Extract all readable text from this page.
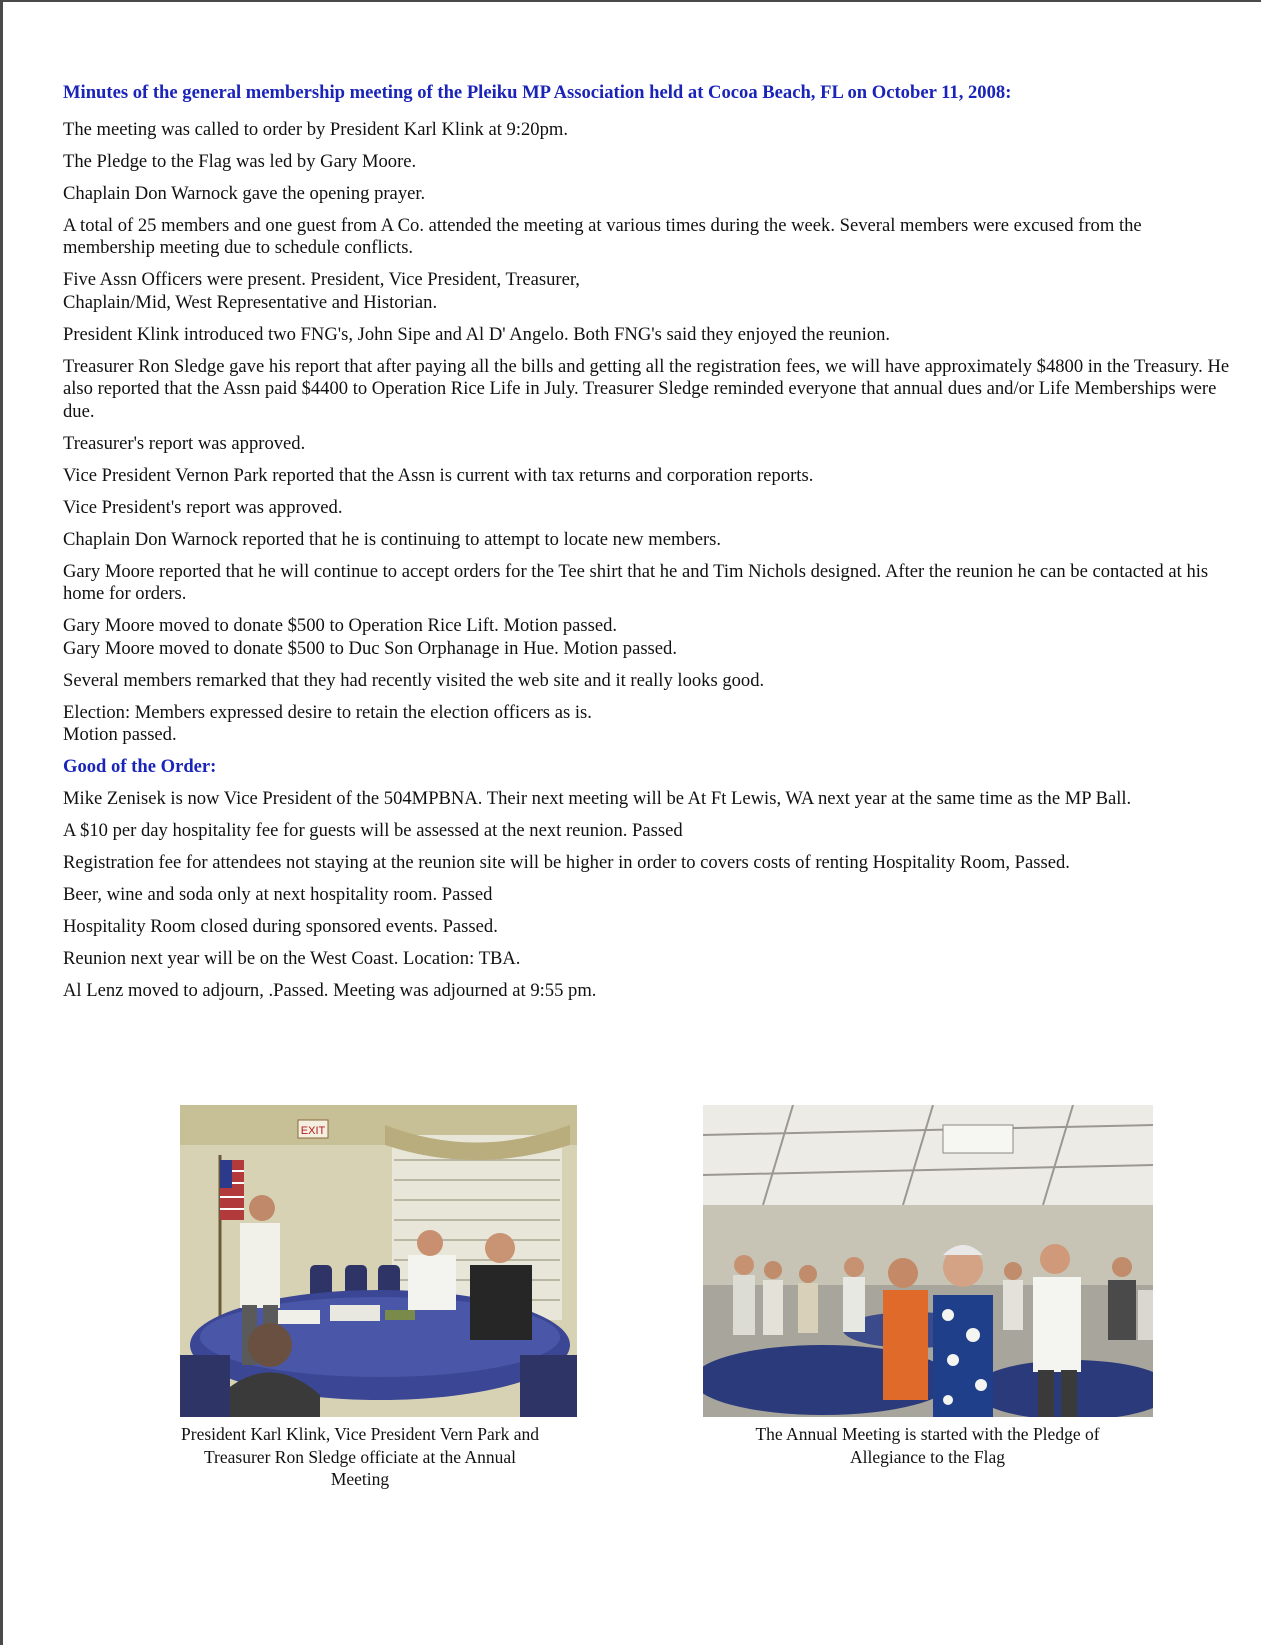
Minutes of the general membership meeting of the Pleiku MP Association held at Cocoa Beach, FL on October 11, 2008:

The meeting was called to order by President Karl Klink at 9:20pm.

The Pledge to the Flag was led by Gary Moore.

Chaplain Don Warnock gave the opening prayer.

A total of 25 members and one guest from A Co. attended the meeting at various times during the week. Several members were excused from the membership meeting due to schedule conflicts.

Five Assn Officers were present. President, Vice President, Treasurer,
Chaplain/Mid, West Representative and Historian.

President Klink introduced two FNG's, John Sipe and Al D' Angelo. Both FNG's said they enjoyed the reunion.

Treasurer Ron Sledge gave his report that after paying all the bills and getting all the registration fees, we will have approximately $4800 in the Treasury. He also reported that the Assn paid $4400 to Operation Rice Life in July. Treasurer Sledge reminded everyone that annual dues and/or Life Memberships were due.

Treasurer's report was approved.

Vice President Vernon Park reported that the Assn is current with tax returns and corporation reports.

Vice President's report was approved.

Chaplain Don Warnock reported that he is continuing to attempt to locate new members.

Gary Moore reported that he will continue to accept orders for the Tee shirt that he and Tim Nichols designed. After the reunion he can be contacted at his home for orders.

Gary Moore moved to donate $500 to Operation Rice Lift. Motion passed.
Gary Moore moved to donate $500 to Duc Son Orphanage in Hue. Motion passed.

Several members remarked that they had recently visited the web site and it really looks good.

Election: Members expressed desire to retain the election officers as is.
Motion passed.

Good of the Order:

Mike Zenisek is now Vice President of the 504MPBNA. Their next meeting will be At Ft Lewis, WA next year at the same time as the MP Ball.

A $10 per day hospitality fee for guests will be assessed at the next reunion. Passed

Registration fee for attendees not staying at the reunion site will be higher in order to covers costs of renting Hospitality Room, Passed.

Beer, wine and soda only at next hospitality room. Passed

Hospitality Room closed during sponsored events. Passed.

Reunion next year will be on the West Coast. Location: TBA.

Al Lenz moved to adjourn, .Passed. Meeting was adjourned at 9:55 pm.

EXIT
President Karl Klink, Vice President Vern Park and
Treasurer Ron Sledge officiate at the Annual
Meeting
The Annual Meeting is started with the Pledge of
Allegiance to the Flag
